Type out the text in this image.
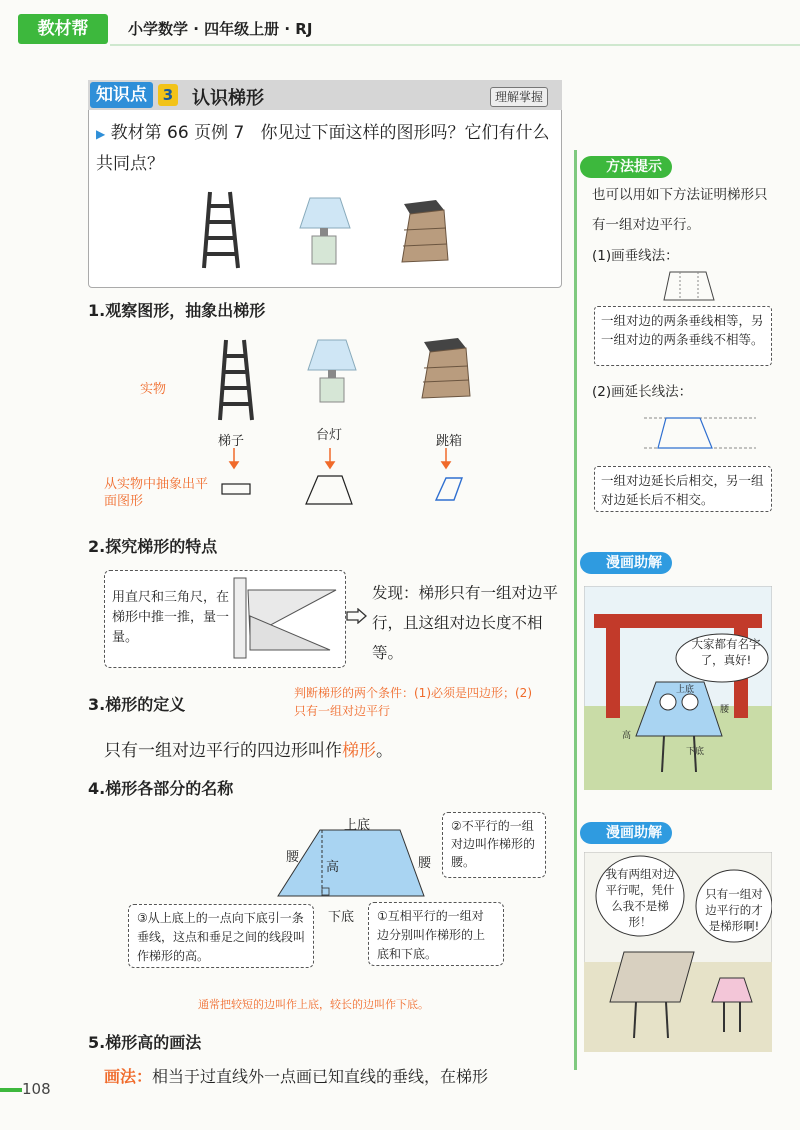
教材帮	小学数学 · 四年级上册 · RJ
知识点	3 认识梯形	理解掌握
▶ 教材第 66 页例 7 你见过下面这样的图形吗？它们有什么共同点？
1.观察图形，抽象出梯形
实物
从实物中抽象出平面图形
梯子	台灯	跳箱
2.探究梯形的特点
用直尺和三角尺，在梯形中推一推，量一量。
发现：梯形只有一组对边平行，且这组对边长度不相等。
3.梯形的定义
判断梯形的两个条件：(1)必须是四边形；(2)只有一组对边平行
只有一组对边平行的四边形叫作梯形。
4.梯形各部分的名称
上底
腰	腰
高
下底
②不平行的一组对边叫作梯形的腰。
③从上底上的一点向下底引一条垂线，这点和垂足之间的线段叫作梯形的高。
①互相平行的一组对边分别叫作梯形的上底和下底。
通常把较短的边叫作上底，较长的边叫作下底。
5.梯形高的画法
画法：相当于过直线外一点画已知直线的垂线，在梯形
方法提示
也可以用如下方法证明梯形只有一组对边平行。
(1)画垂线法：
一组对边的两条垂线相等，另一组对边的两条垂线不相等。
(2)画延长线法：
一组对边延长后相交，另一组对边延长后不相交。
漫画助解
大家都有名字了，真好!
上底
高
下底
腰
漫画助解
我有两组对边平行呢，凭什么我不是梯形！
只有一组对边平行的才是梯形啊!
108
